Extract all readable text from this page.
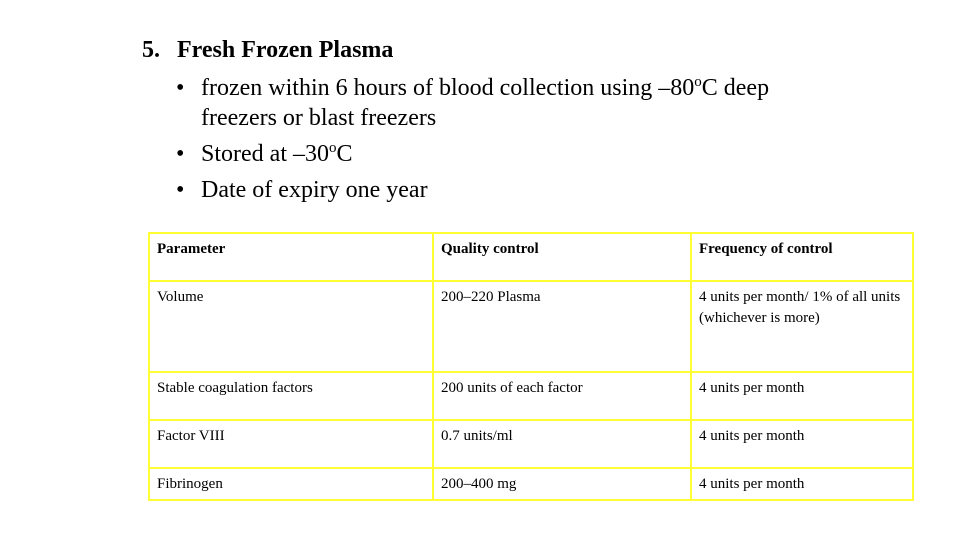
5. Fresh Frozen Plasma
• frozen within 6 hours of blood collection using –80$^o$C deep freezers or blast freezers
• Stored at –30$^o$C
• Date of expiry one year
Parameter	Quality control	Frequency of control
Volume	200–220 Plasma	4 units per month/ 1% of all units (whichever is more)
Stable coagulation factors	200 units of each factor	4 units per month
Factor VIII	0.7 units/ml	4 units per month
Fibrinogen	200–400 mg	4 units per month
